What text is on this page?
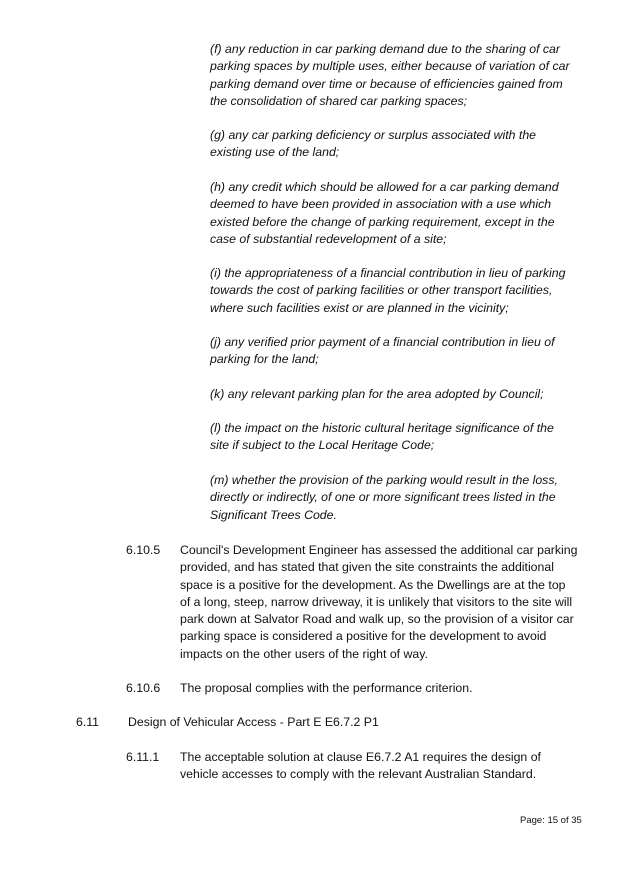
(f) any reduction in car parking demand due to the sharing of car
parking spaces by multiple uses, either because of variation of car
parking demand over time or because of efficiencies gained from
the consolidation of shared car parking spaces;
(g) any car parking deficiency or surplus associated with the
existing use of the land;
(h) any credit which should be allowed for a car parking demand
deemed to have been provided in association with a use which
existed before the change of parking requirement, except in the
case of substantial redevelopment of a site;
(i) the appropriateness of a financial contribution in lieu of parking
towards the cost of parking facilities or other transport facilities,
where such facilities exist or are planned in the vicinity;
(j) any verified prior payment of a financial contribution in lieu of
parking for the land;
(k) any relevant parking plan for the area adopted by Council;
(l) the impact on the historic cultural heritage significance of the
site if subject to the Local Heritage Code;
(m) whether the provision of the parking would result in the loss,
directly or indirectly, of one or more significant trees listed in the
Significant Trees Code.
6.10.5 Council's Development Engineer has assessed the additional car parking
provided, and has stated that given the site constraints the additional
space is a positive for the development. As the Dwellings are at the top
of a long, steep, narrow driveway, it is unlikely that visitors to the site will
park down at Salvator Road and walk up, so the provision of a visitor car
parking space is considered a positive for the development to avoid
impacts on the other users of the right of way.
6.10.6 The proposal complies with the performance criterion.
6.11 Design of Vehicular Access - Part E E6.7.2 P1
6.11.1 The acceptable solution at clause E6.7.2 A1 requires the design of
vehicle accesses to comply with the relevant Australian Standard.
Page: 15 of 35
